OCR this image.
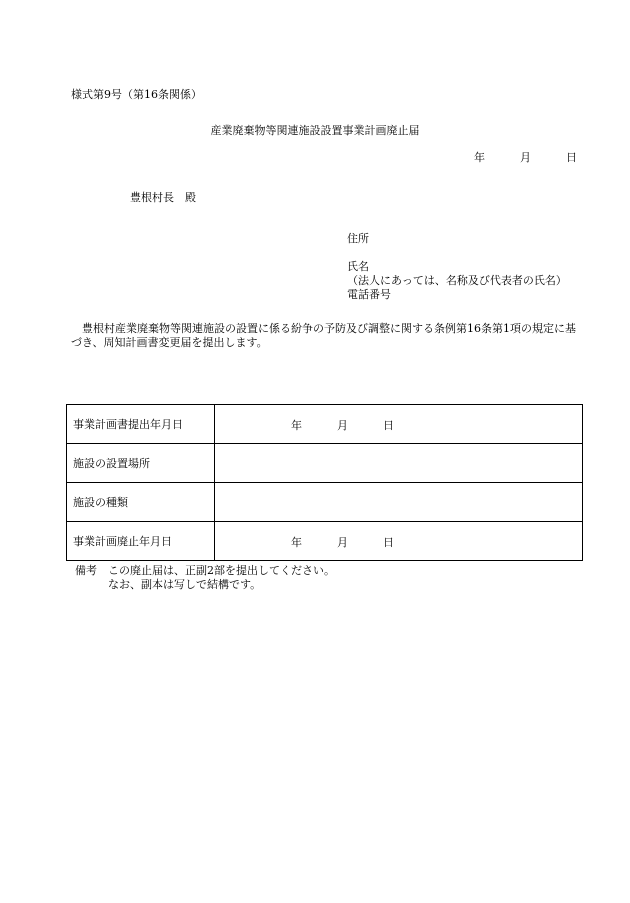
様式第9号（第16条関係）
産業廃棄物等関連施設設置事業計画廃止届
年	月	日
豊根村長　殿
住所
氏名
（法人にあっては、名称及び代表者の氏名）
電話番号
豊根村産業廃棄物等関連施設の設置に係る紛争の予防及び調整に関する条例第16条第1項の規定に基づき、周知計画書変更届を提出します。
事業計画書提出年月日	年 月 日

施設の設置場所	
施設の種類	
事業計画廃止年月日	年 月 日
備考　この廃止届は、正副2部を提出してください。
なお、副本は写しで結構です。
